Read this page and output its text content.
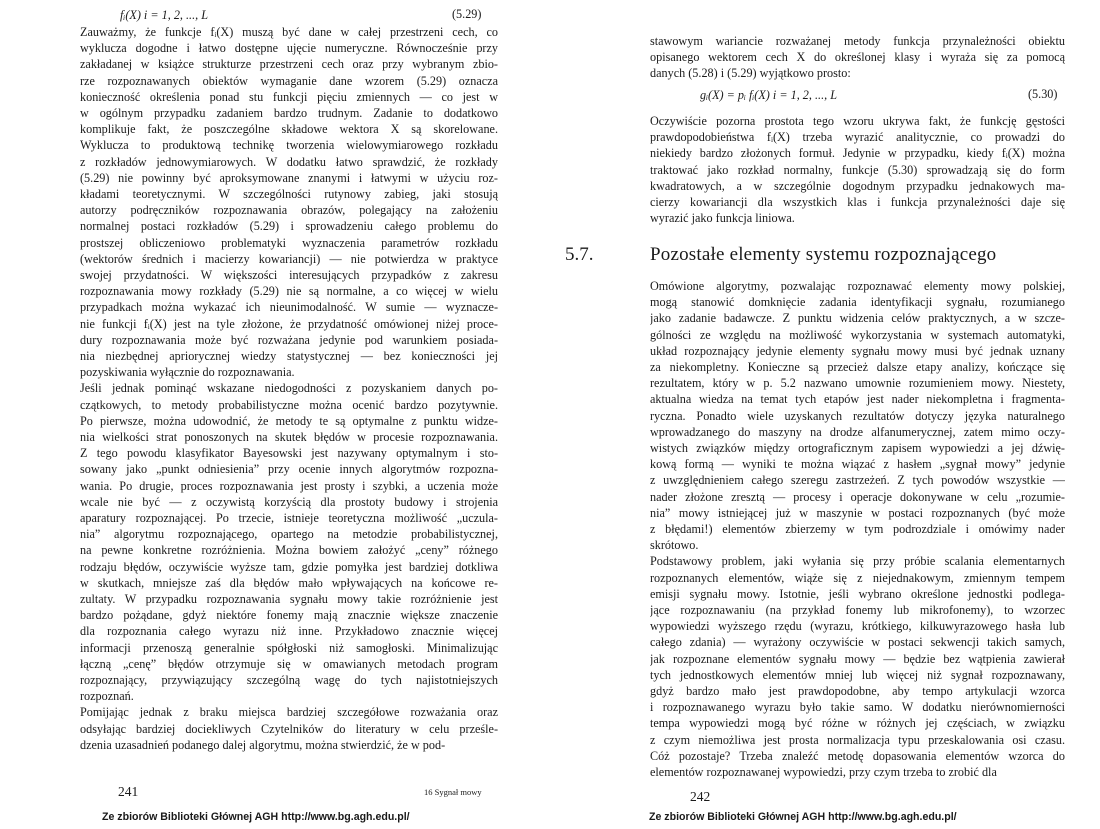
fᵢ(X) i = 1, 2, ..., L	(5.29)
Zauważmy, że funkcje fᵢ(X) muszą być dane w całej przestrzeni cech, co
wyklucza dogodne i łatwo dostępne ujęcie numeryczne. Równocześnie przy
zakładanej w książce strukturze przestrzeni cech oraz przy wybranym zbio-
rze rozpoznawanych obiektów wymaganie dane wzorem (5.29) oznacza
konieczność określenia ponad stu funkcji pięciu zmiennych — co jest w
w ogólnym przypadku zadaniem bardzo trudnym. Zadanie to dodatkowo
komplikuje fakt, że poszczególne składowe wektora X są skorelowane.
Wyklucza to produktową technikę tworzenia wielowymiarowego rozkładu
z rozkładów jednowymiarowych. W dodatku łatwo sprawdzić, że rozkłady
(5.29) nie powinny być aproksymowane znanymi i łatwymi w użyciu roz-
kładami teoretycznymi. W szczególności rutynowy zabieg, jaki stosują
autorzy podręczników rozpoznawania obrazów, polegający na założeniu
normalnej postaci rozkładów (5.29) i sprowadzeniu całego problemu do
prostszej obliczeniowo problematyki wyznaczenia parametrów rozkładu
(wektorów średnich i macierzy kowariancji) — nie potwierdza w praktyce
swojej przydatności. W większości interesujących przypadków z zakresu
rozpoznawania mowy rozkłady (5.29) nie są normalne, a co więcej w wielu
przypadkach można wykazać ich nieunimodalność. W sumie — wyznacze-
nie funkcji fᵢ(X) jest na tyle złożone, że przydatność omówionej niżej proce-
dury rozpoznawania może być rozważana jedynie pod warunkiem posiada-
nia niezbędnej apriorycznej wiedzy statystycznej — bez konieczności jej
pozyskiwania wyłącznie do rozpoznawania.
Jeśli jednak pominąć wskazane niedogodności z pozyskaniem danych po-
czątkowych, to metody probabilistyczne można ocenić bardzo pozytywnie.
Po pierwsze, można udowodnić, że metody te są optymalne z punktu widze-
nia wielkości strat ponoszonych na skutek błędów w procesie rozpoznawania.
Z tego powodu klasyfikator Bayesowski jest nazywany optymalnym i sto-
sowany jako „punkt odniesienia” przy ocenie innych algorytmów rozpozna-
wania. Po drugie, proces rozpoznawania jest prosty i szybki, a uczenia może
wcale nie być — z oczywistą korzyścią dla prostoty budowy i strojenia
aparatury rozpoznającej. Po trzecie, istnieje teoretyczna możliwość „uczula-
nia” algorytmu rozpoznającego, opartego na metodzie probabilistycznej,
na pewne konkretne rozróżnienia. Można bowiem założyć „ceny” różnego
rodzaju błędów, oczywiście wyższe tam, gdzie pomyłka jest bardziej dotkliwa
w skutkach, mniejsze zaś dla błędów mało wpływających na końcowe re-
zultaty. W przypadku rozpoznawania sygnału mowy takie rozróżnienie jest
bardzo pożądane, gdyż niektóre fonemy mają znacznie większe znaczenie
dla rozpoznania całego wyrazu niż inne. Przykładowo znacznie więcej
informacji przenoszą generalnie spółgłoski niż samogłoski. Minimalizując
łączną „cenę” błędów otrzymuje się w omawianych metodach program
rozpoznający, przywiązujący szczególną wagę do tych najistotniejszych
rozpoznań.
Pomijając jednak z braku miejsca bardziej szczegółowe rozważania oraz
odsyłając bardziej dociekliwych Czytelników do literatury w celu prześle-
dzenia uzasadnień podanego dalej algorytmu, można stwierdzić, że w pod-
241	16 Sygnał mowy
Ze zbiorów Biblioteki Głównej AGH http://www.bg.agh.edu.pl/
stawowym wariancie rozważanej metody funkcja przynależności obiektu
opisanego wektorem cech X do określonej klasy i wyraża się za pomocą
danych (5.28) i (5.29) wyjątkowo prosto:
gᵢ(X) = pᵢ fᵢ(X) i = 1, 2, ..., L	(5.30)
Oczywiście pozorna prostota tego wzoru ukrywa fakt, że funkcję gęstości
prawdopodobieństwa fᵢ(X) trzeba wyrazić analitycznie, co prowadzi do
niekiedy bardzo złożonych formuł. Jedynie w przypadku, kiedy fᵢ(X) można
traktować jako rozkład normalny, funkcje (5.30) sprowadzają się do form
kwadratowych, a w szczególnie dogodnym przypadku jednakowych ma-
cierzy kowariancji dla wszystkich klas i funkcja przynależności daje się
wyrazić jako funkcja liniowa.
5.7.	Pozostałe elementy systemu rozpoznającego
Omówione algorytmy, pozwalając rozpoznawać elementy mowy polskiej,
mogą stanowić domknięcie zadania identyfikacji sygnału, rozumianego
jako zadanie badawcze. Z punktu widzenia celów praktycznych, a w szcze-
gólności ze względu na możliwość wykorzystania w systemach automatyki,
układ rozpoznający jedynie elementy sygnału mowy musi być jednak uznany
za niekompletny. Konieczne są przecież dalsze etapy analizy, kończące się
rezultatem, który w p. 5.2 nazwano umownie rozumieniem mowy. Niestety,
aktualna wiedza na temat tych etapów jest nader niekompletna i fragmenta-
ryczna. Ponadto wiele uzyskanych rezultatów dotyczy języka naturalnego
wprowadzanego do maszyny na drodze alfanumerycznej, zatem mimo oczy-
wistych związków między ortograficznym zapisem wypowiedzi a jej dźwię-
kową formą — wyniki te można wiązać z hasłem „sygnał mowy” jedynie
z uwzględnieniem całego szeregu zastrzeżeń. Z tych powodów wszystkie —
nader złożone zresztą — procesy i operacje dokonywane w celu „rozumie-
nia” mowy istniejącej już w maszynie w postaci rozpoznanych (być może
z błędami!) elementów zbierzemy w tym podrozdziale i omówimy nader
skrótowo.
Podstawowy problem, jaki wyłania się przy próbie scalania elementarnych
rozpoznanych elementów, wiąże się z niejednakowym, zmiennym tempem
emisji sygnału mowy. Istotnie, jeśli wybrano określone jednostki podlega-
jące rozpoznawaniu (na przykład fonemy lub mikrofonemy), to wzorzec
wypowiedzi wyższego rzędu (wyrazu, krótkiego, kilkuwyrazowego hasła lub
całego zdania) — wyrażony oczywiście w postaci sekwencji takich samych,
jak rozpoznane elementów sygnału mowy — będzie bez wątpienia zawierał
tych jednostkowych elementów mniej lub więcej niż sygnał rozpoznawany,
gdyż bardzo mało jest prawdopodobne, aby tempo artykulacji wzorca
i rozpoznawanego wyrazu było takie samo. W dodatku nierównomierności
tempa wypowiedzi mogą być różne w różnych jej częściach, w związku
z czym niemożliwa jest prosta normalizacja typu przeskalowania osi czasu.
Cóż pozostaje? Trzeba znaleźć metodę dopasowania elementów wzorca do
elementów rozpoznawanej wypowiedzi, przy czym trzeba to zrobić dla
242
Ze zbiorów Biblioteki Głównej AGH http://www.bg.agh.edu.pl/
